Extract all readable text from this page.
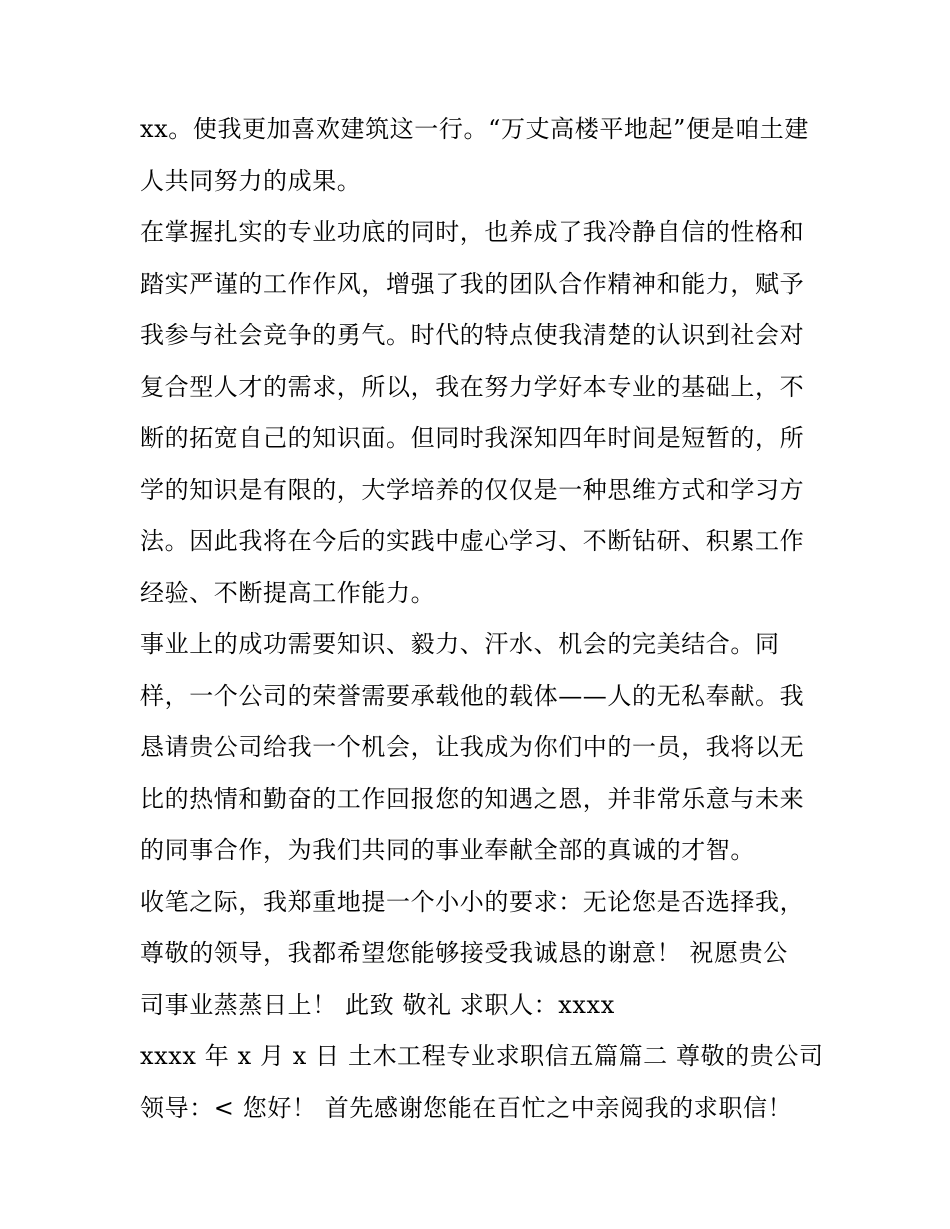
xx。使我更加喜欢建筑这一行。“万丈高楼平地起”便是咱土建
人共同努力的成果。
在掌握扎实的专业功底的同时，也养成了我冷静自信的性格和
踏实严谨的工作作风，增强了我的团队合作精神和能力，赋予
我参与社会竞争的勇气。时代的特点使我清楚的认识到社会对
复合型人才的需求，所以，我在努力学好本专业的基础上，不
断的拓宽自己的知识面。但同时我深知四年时间是短暂的，所
学的知识是有限的，大学培养的仅仅是一种思维方式和学习方
法。因此我将在今后的实践中虚心学习、不断钻研、积累工作
经验、不断提高工作能力。
事业上的成功需要知识、毅力、汗水、机会的完美结合。同
样，一个公司的荣誉需要承载他的载体——人的无私奉献。我
恳请贵公司给我一个机会，让我成为你们中的一员，我将以无
比的热情和勤奋的工作回报您的知遇之恩，并非常乐意与未来
的同事合作，为我们共同的事业奉献全部的真诚的才智。
收笔之际，我郑重地提一个小小的要求：无论您是否选择我，
尊敬的领导，我都希望您能够接受我诚恳的谢意！ 祝愿贵公
司事业蒸蒸日上！ 此致 敬礼 求职人：xxxx
xxxx 年 x 月 x 日 土木工程专业求职信五篇篇二 尊敬的贵公司
领导：< 您好！ 首先感谢您能在百忙之中亲阅我的求职信！
